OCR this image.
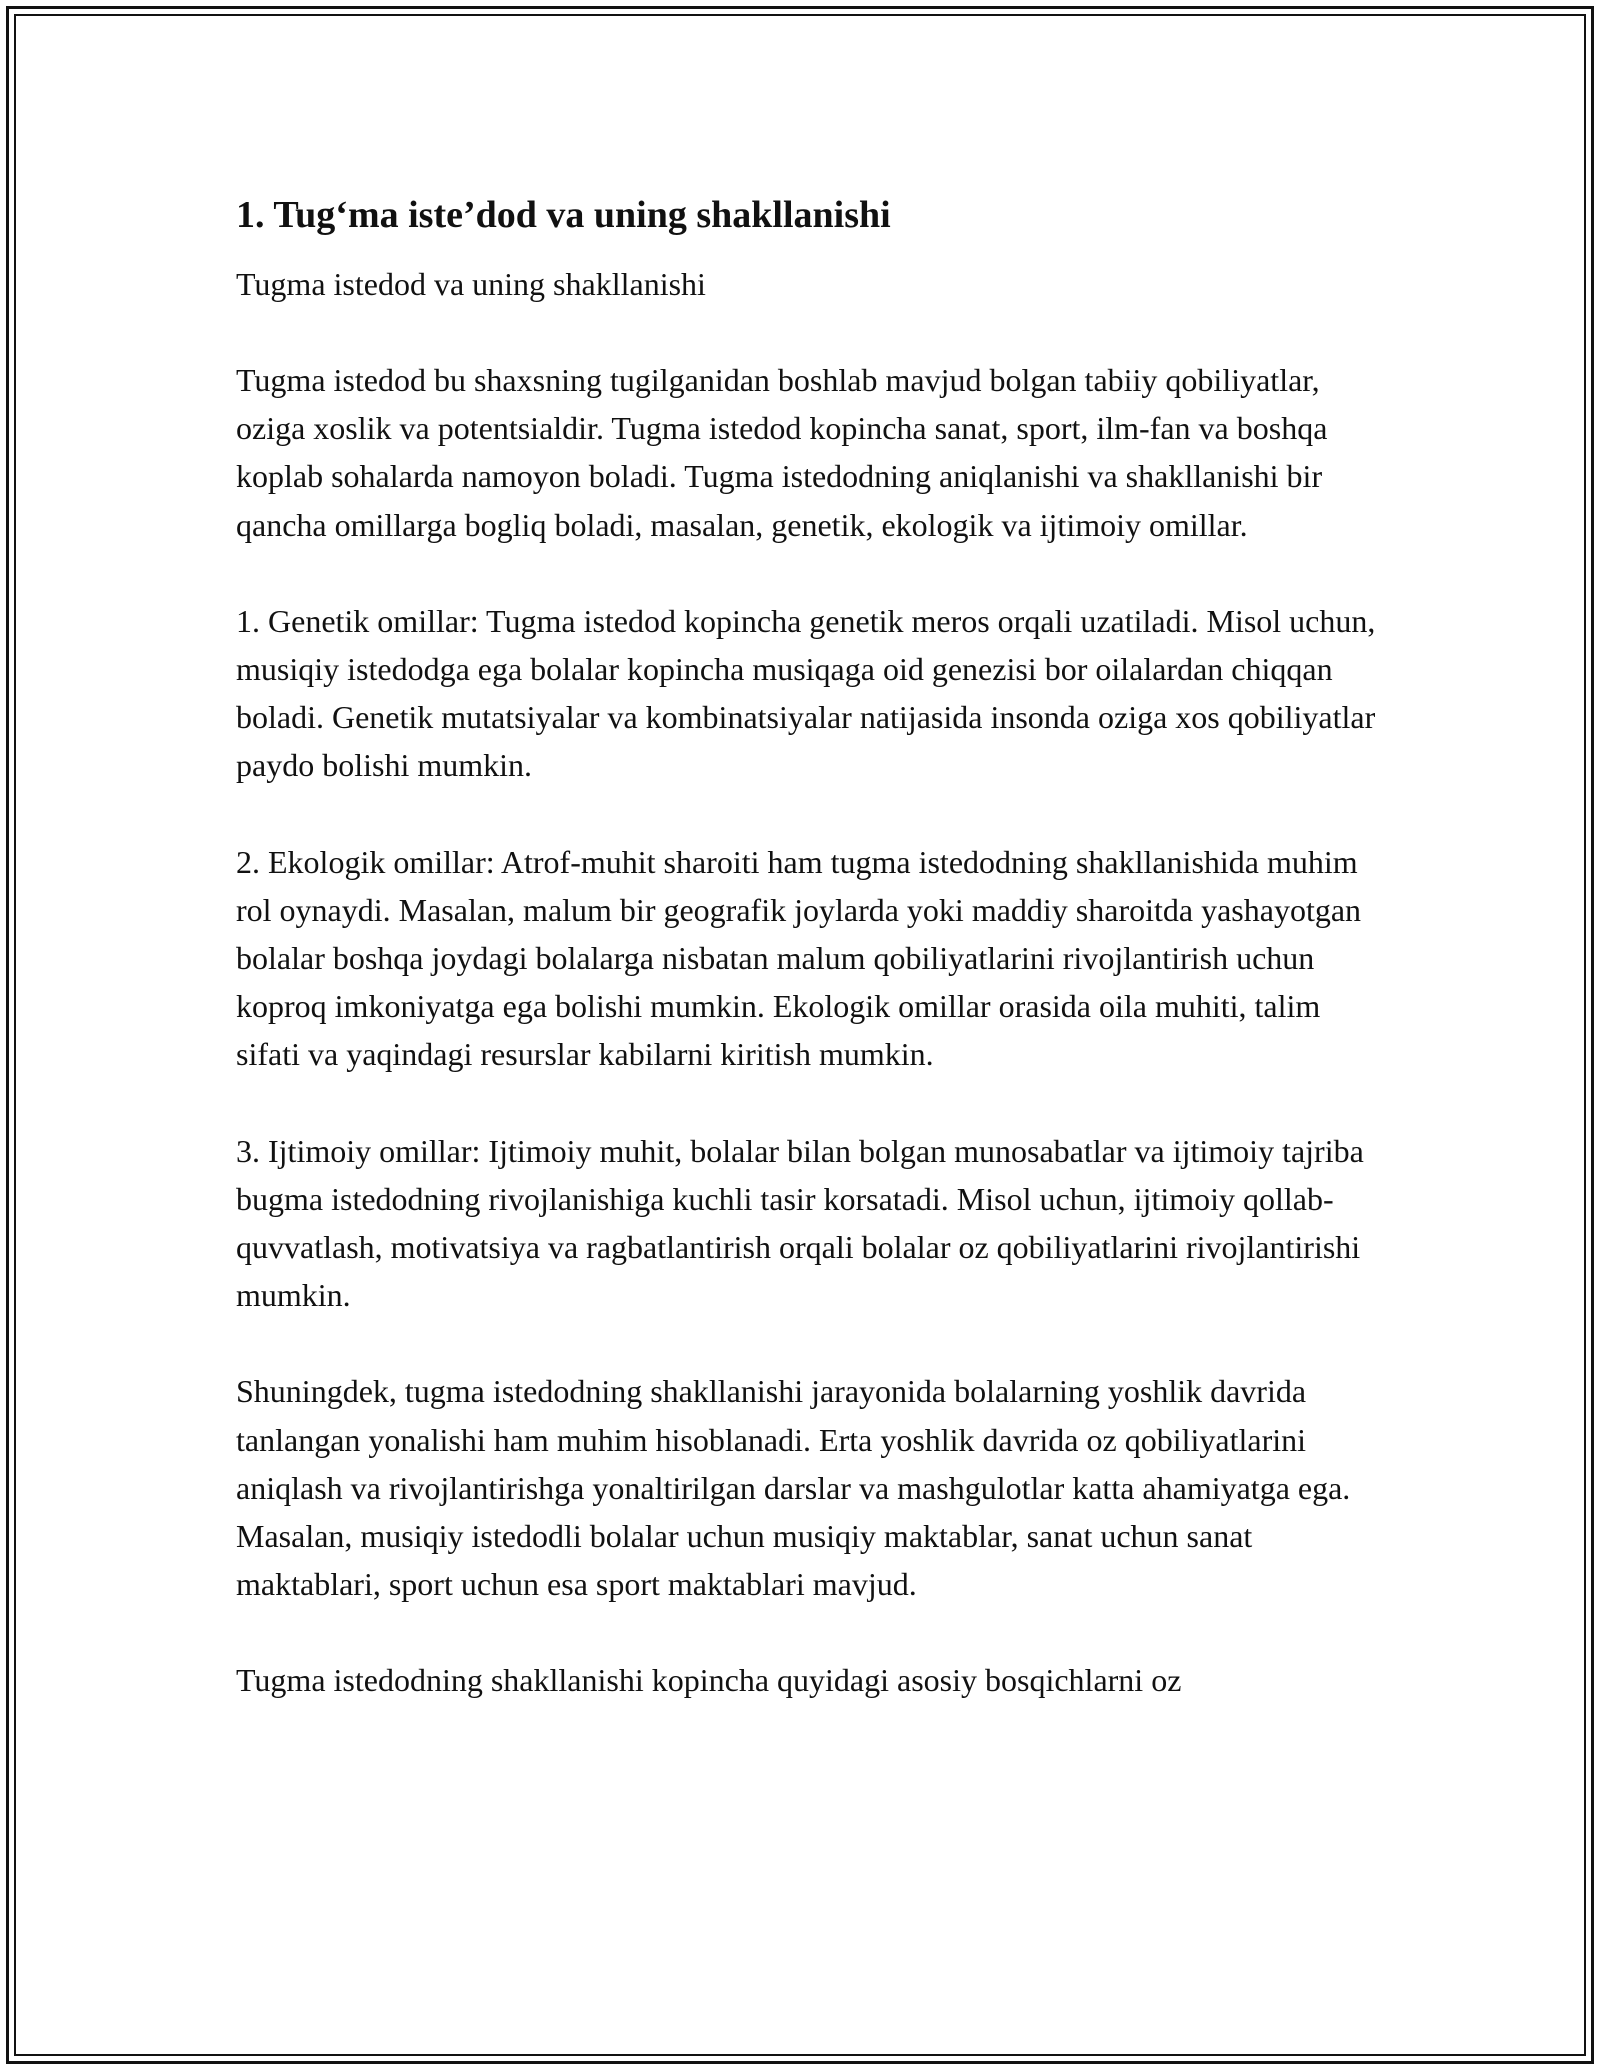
1. Tug‘ma iste’dod va uning shakllanishi

Tugma istedod va uning shakllanishi

Tugma istedod bu shaxsning tugilganidan boshlab mavjud bolgan tabiiy qobiliyatlar, oziga xoslik va potentsialdir. Tugma istedod kopincha sanat, sport, ilm-fan va boshqa koplab sohalarda namoyon boladi. Tugma istedodning aniqlanishi va shakllanishi bir qancha omillarga bogliq boladi, masalan, genetik, ekologik va ijtimoiy omillar.

1. Genetik omillar: Tugma istedod kopincha genetik meros orqali uzatiladi. Misol uchun, musiqiy istedodga ega bolalar kopincha musiqaga oid genezisi bor oilalardan chiqqan boladi. Genetik mutatsiyalar va kombinatsiyalar natijasida insonda oziga xos qobiliyatlar paydo bolishi mumkin.

2. Ekologik omillar: Atrof-muhit sharoiti ham tugma istedodning shakllanishida muhim rol oynaydi. Masalan, malum bir geografik joylarda yoki maddiy sharoitda yashayotgan bolalar boshqa joydagi bolalarga nisbatan malum qobiliyatlarini rivojlantirish uchun koproq imkoniyatga ega bolishi mumkin. Ekologik omillar orasida oila muhiti, talim sifati va yaqindagi resurslar kabilarni kiritish mumkin.

3. Ijtimoiy omillar: Ijtimoiy muhit, bolalar bilan bolgan munosabatlar va ijtimoiy tajriba bugma istedodning rivojlanishiga kuchli tasir korsatadi. Misol uchun, ijtimoiy qollab-quvvatlash, motivatsiya va ragbatlantirish orqali bolalar oz qobiliyatlarini rivojlantirishi mumkin.

Shuningdek, tugma istedodning shakllanishi jarayonida bolalarning yoshlik davrida tanlangan yonalishi ham muhim hisoblanadi. Erta yoshlik davrida oz qobiliyatlarini aniqlash va rivojlantirishga yonaltirilgan darslar va mashgulotlar katta ahamiyatga ega. Masalan, musiqiy istedodli bolalar uchun musiqiy maktablar, sanat uchun sanat maktablari, sport uchun esa sport maktablari mavjud.

Tugma istedodning shakllanishi kopincha quyidagi asosiy bosqichlarni oz
